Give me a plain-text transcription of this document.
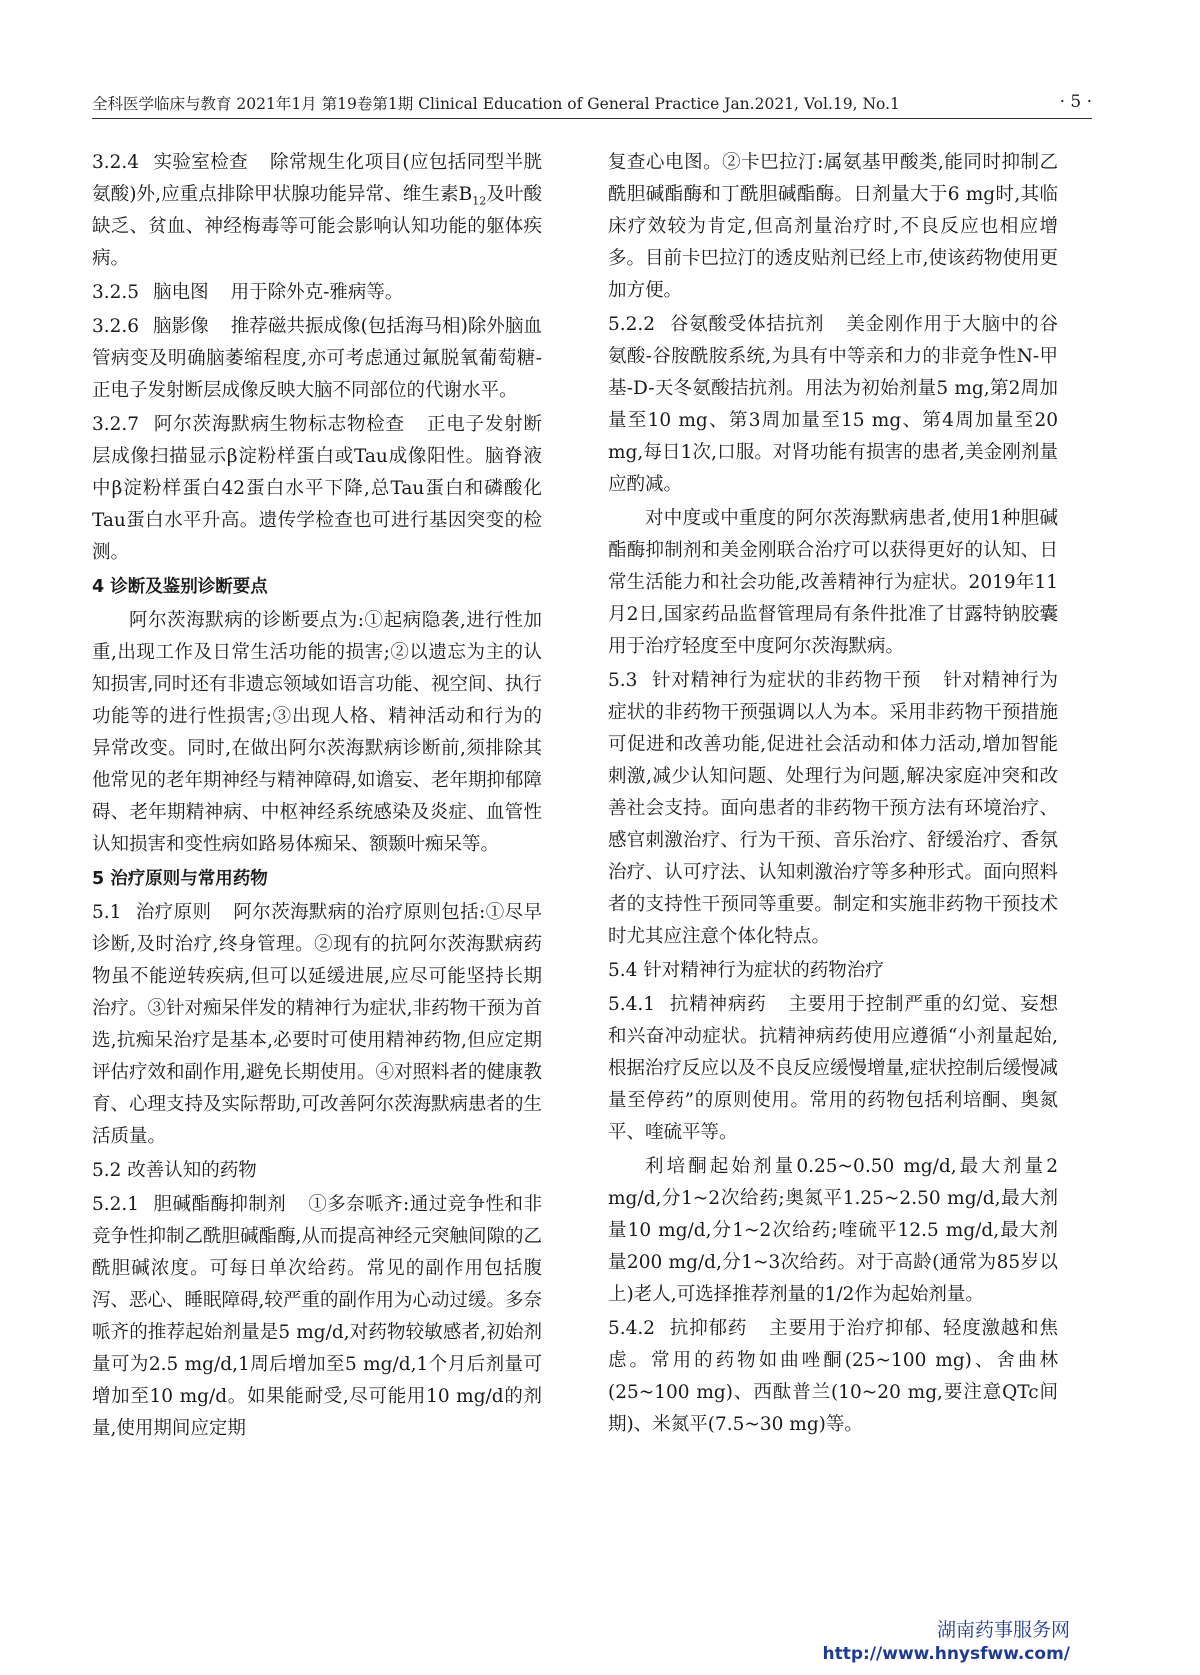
全科医学临床与教育 2021年1月 第19卷第1期 Clinical Education of General Practice Jan.2021, Vol.19, No.1	· 5 ·

3.2.4 实验室检查 除常规生化项目(应包括同型半胱氨酸)外,应重点排除甲状腺功能异常、维生素$B_{12}$及叶酸缺乏、贫血、神经梅毒等可能会影响认知功能的躯体疾病。

3.2.5 脑电图 用于除外克-雅病等。

3.2.6 脑影像 推荐磁共振成像(包括海马相)除外脑血管病变及明确脑萎缩程度,亦可考虑通过氟脱氧葡萄糖-正电子发射断层成像反映大脑不同部位的代谢水平。

3.2.7 阿尔茨海默病生物标志物检查 正电子发射断层成像扫描显示β淀粉样蛋白或Tau成像阳性。脑脊液中β淀粉样蛋白42蛋白水平下降,总Tau蛋白和磷酸化Tau蛋白水平升高。遗传学检查也可进行基因突变的检测。

4 诊断及鉴别诊断要点

阿尔茨海默病的诊断要点为:①起病隐袭,进行性加重,出现工作及日常生活功能的损害;②以遗忘为主的认知损害,同时还有非遗忘领域如语言功能、视空间、执行功能等的进行性损害;③出现人格、精神活动和行为的异常改变。同时,在做出阿尔茨海默病诊断前,须排除其他常见的老年期神经与精神障碍,如谵妄、老年期抑郁障碍、老年期精神病、中枢神经系统感染及炎症、血管性认知损害和变性病如路易体痴呆、额颞叶痴呆等。

5 治疗原则与常用药物

5.1 治疗原则 阿尔茨海默病的治疗原则包括:①尽早诊断,及时治疗,终身管理。②现有的抗阿尔茨海默病药物虽不能逆转疾病,但可以延缓进展,应尽可能坚持长期治疗。③针对痴呆伴发的精神行为症状,非药物干预为首选,抗痴呆治疗是基本,必要时可使用精神药物,但应定期评估疗效和副作用,避免长期使用。④对照料者的健康教育、心理支持及实际帮助,可改善阿尔茨海默病患者的生活质量。

5.2 改善认知的药物

5.2.1 胆碱酯酶抑制剂 ①多奈哌齐:通过竞争性和非竞争性抑制乙酰胆碱酯酶,从而提高神经元突触间隙的乙酰胆碱浓度。可每日单次给药。常见的副作用包括腹泻、恶心、睡眠障碍,较严重的副作用为心动过缓。多奈哌齐的推荐起始剂量是5 mg/d,对药物较敏感者,初始剂量可为2.5 mg/d,1周后增加至5 mg/d,1个月后剂量可增加至10 mg/d。如果能耐受,尽可能用10 mg/d的剂量,使用期间应定期

复查心电图。②卡巴拉汀:属氨基甲酸类,能同时抑制乙酰胆碱酯酶和丁酰胆碱酯酶。日剂量大于6 mg时,其临床疗效较为肯定,但高剂量治疗时,不良反应也相应增多。目前卡巴拉汀的透皮贴剂已经上市,使该药物使用更加方便。

5.2.2 谷氨酸受体拮抗剂 美金刚作用于大脑中的谷氨酸-谷胺酰胺系统,为具有中等亲和力的非竞争性N-甲基-D-天冬氨酸拮抗剂。用法为初始剂量5 mg,第2周加量至10 mg、第3周加量至15 mg、第4周加量至20 mg,每日1次,口服。对肾功能有损害的患者,美金刚剂量应酌减。

对中度或中重度的阿尔茨海默病患者,使用1种胆碱酯酶抑制剂和美金刚联合治疗可以获得更好的认知、日常生活能力和社会功能,改善精神行为症状。2019年11月2日,国家药品监督管理局有条件批准了甘露特钠胶囊用于治疗轻度至中度阿尔茨海默病。

5.3 针对精神行为症状的非药物干预 针对精神行为症状的非药物干预强调以人为本。采用非药物干预措施可促进和改善功能,促进社会活动和体力活动,增加智能刺激,减少认知问题、处理行为问题,解决家庭冲突和改善社会支持。面向患者的非药物干预方法有环境治疗、感官刺激治疗、行为干预、音乐治疗、舒缓治疗、香氛治疗、认可疗法、认知刺激治疗等多种形式。面向照料者的支持性干预同等重要。制定和实施非药物干预技术时尤其应注意个体化特点。

5.4 针对精神行为症状的药物治疗

5.4.1 抗精神病药 主要用于控制严重的幻觉、妄想和兴奋冲动症状。抗精神病药使用应遵循“小剂量起始,根据治疗反应以及不良反应缓慢增量,症状控制后缓慢减量至停药”的原则使用。常用的药物包括利培酮、奥氮平、喹硫平等。

利培酮起始剂量0.25~0.50 mg/d,最大剂量2 mg/d,分1~2次给药;奥氮平1.25~2.50 mg/d,最大剂量10 mg/d,分1~2次给药;喹硫平12.5 mg/d,最大剂量200 mg/d,分1~3次给药。对于高龄(通常为85岁以上)老人,可选择推荐剂量的1/2作为起始剂量。

5.4.2 抗抑郁药 主要用于治疗抑郁、轻度激越和焦虑。常用的药物如曲唑酮(25~100 mg)、舍曲林(25~100 mg)、西酞普兰(10~20 mg,要注意QTc间期)、米氮平(7.5~30 mg)等。

湖南药事服务网
http://www.hnysfww.com/
